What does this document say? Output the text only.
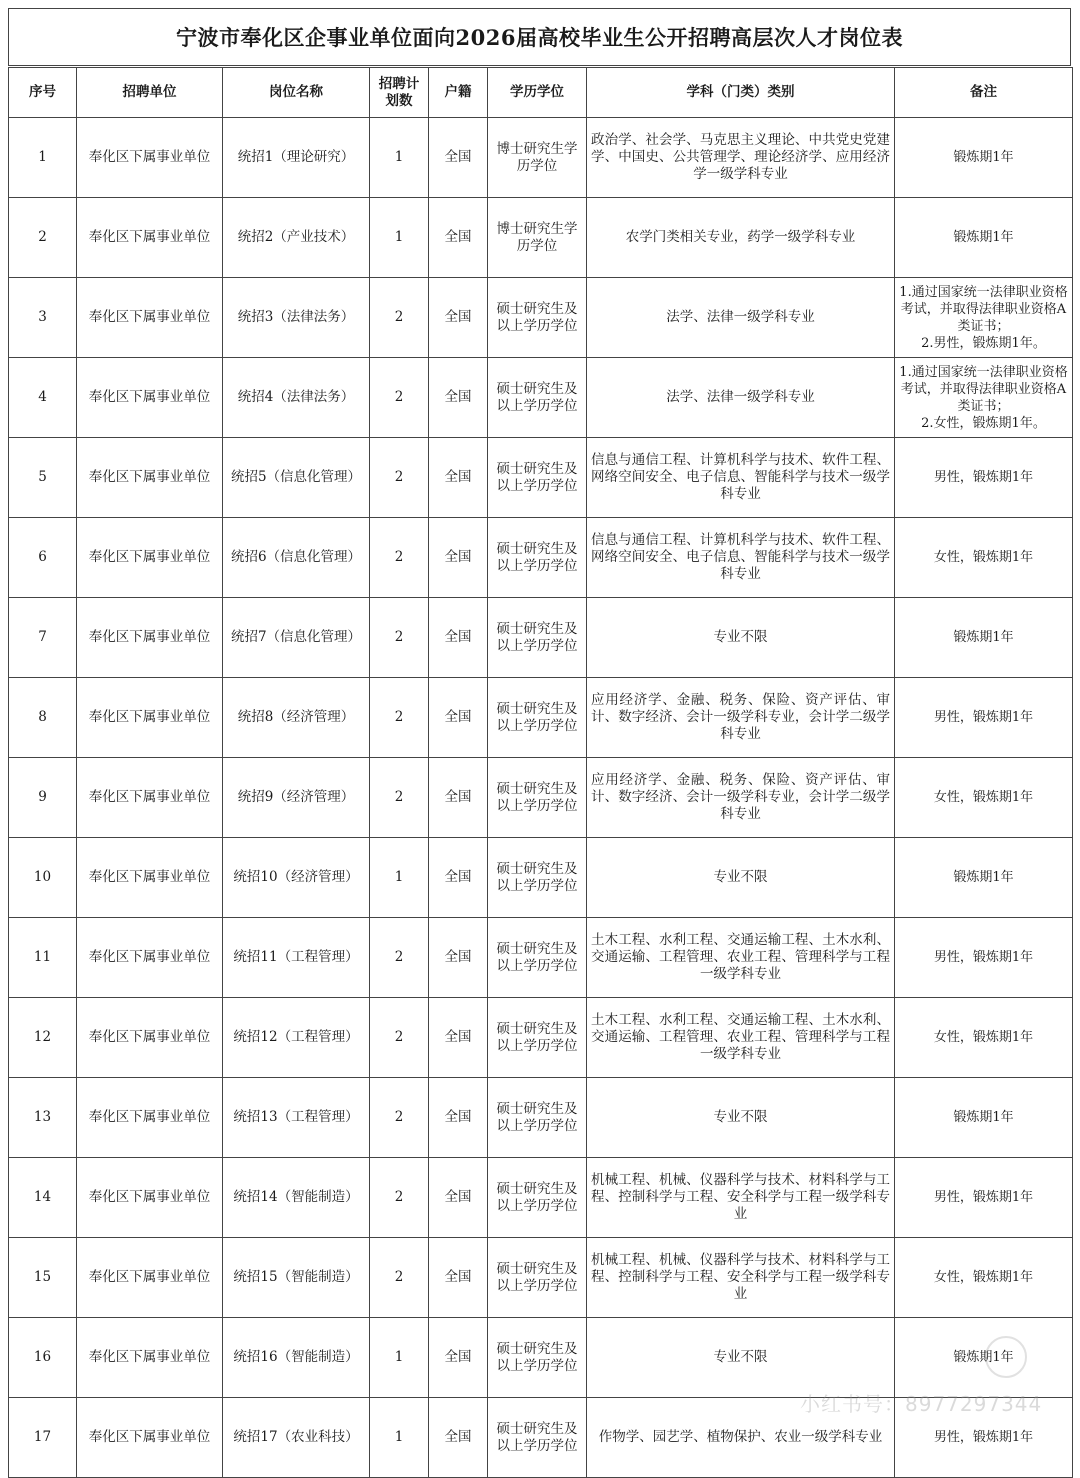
宁波市奉化区企事业单位面向2026届高校毕业生公开招聘高层次人才岗位表
序号	招聘单位	岗位名称	招聘计划数	户籍	学历学位	学科（门类）类别	备注
1	奉化区下属事业单位	统招1（理论研究）	1	全国	博士研究生学历学位	政治学、社会学、马克思主义理论、中共党史党建学、中国史、公共管理学、理论经济学、应用经济学一级学科专业	锻炼期1年
2	奉化区下属事业单位	统招2（产业技术）	1	全国	博士研究生学历学位	农学门类相关专业，药学一级学科专业	锻炼期1年
3	奉化区下属事业单位	统招3（法律法务）	2	全国	硕士研究生及以上学历学位	法学、法律一级学科专业	1.通过国家统一法律职业资格考试，并取得法律职业资格A类证书；
2.男性，锻炼期1年。
4	奉化区下属事业单位	统招4（法律法务）	2	全国	硕士研究生及以上学历学位	法学、法律一级学科专业	1.通过国家统一法律职业资格考试，并取得法律职业资格A类证书；
2.女性，锻炼期1年。
5	奉化区下属事业单位	统招5（信息化管理）	2	全国	硕士研究生及以上学历学位	信息与通信工程、计算机科学与技术、软件工程、网络空间安全、电子信息、智能科学与技术一级学科专业	男性，锻炼期1年
6	奉化区下属事业单位	统招6（信息化管理）	2	全国	硕士研究生及以上学历学位	信息与通信工程、计算机科学与技术、软件工程、网络空间安全、电子信息、智能科学与技术一级学科专业	女性，锻炼期1年
7	奉化区下属事业单位	统招7（信息化管理）	2	全国	硕士研究生及以上学历学位	专业不限	锻炼期1年
8	奉化区下属事业单位	统招8（经济管理）	2	全国	硕士研究生及以上学历学位	应用经济学、金融、税务、保险、资产评估、审计、数字经济、会计一级学科专业，会计学二级学科专业	男性，锻炼期1年
9	奉化区下属事业单位	统招9（经济管理）	2	全国	硕士研究生及以上学历学位	应用经济学、金融、税务、保险、资产评估、审计、数字经济、会计一级学科专业，会计学二级学科专业	女性，锻炼期1年
10	奉化区下属事业单位	统招10（经济管理）	1	全国	硕士研究生及以上学历学位	专业不限	锻炼期1年
11	奉化区下属事业单位	统招11（工程管理）	2	全国	硕士研究生及以上学历学位	土木工程、水利工程、交通运输工程、土木水利、交通运输、工程管理、农业工程、管理科学与工程一级学科专业	男性，锻炼期1年
12	奉化区下属事业单位	统招12（工程管理）	2	全国	硕士研究生及以上学历学位	土木工程、水利工程、交通运输工程、土木水利、交通运输、工程管理、农业工程、管理科学与工程一级学科专业	女性，锻炼期1年
13	奉化区下属事业单位	统招13（工程管理）	2	全国	硕士研究生及以上学历学位	专业不限	锻炼期1年
14	奉化区下属事业单位	统招14（智能制造）	2	全国	硕士研究生及以上学历学位	机械工程、机械、仪器科学与技术、材料科学与工程、控制科学与工程、安全科学与工程一级学科专业	男性，锻炼期1年
15	奉化区下属事业单位	统招15（智能制造）	2	全国	硕士研究生及以上学历学位	机械工程、机械、仪器科学与技术、材料科学与工程、控制科学与工程、安全科学与工程一级学科专业	女性，锻炼期1年
16	奉化区下属事业单位	统招16（智能制造）	1	全国	硕士研究生及以上学历学位	专业不限	锻炼期1年
17	奉化区下属事业单位	统招17（农业科技）	1	全国	硕士研究生及以上学历学位	作物学、园艺学、植物保护、农业一级学科专业	男性，锻炼期1年
小红书号：8977297344
